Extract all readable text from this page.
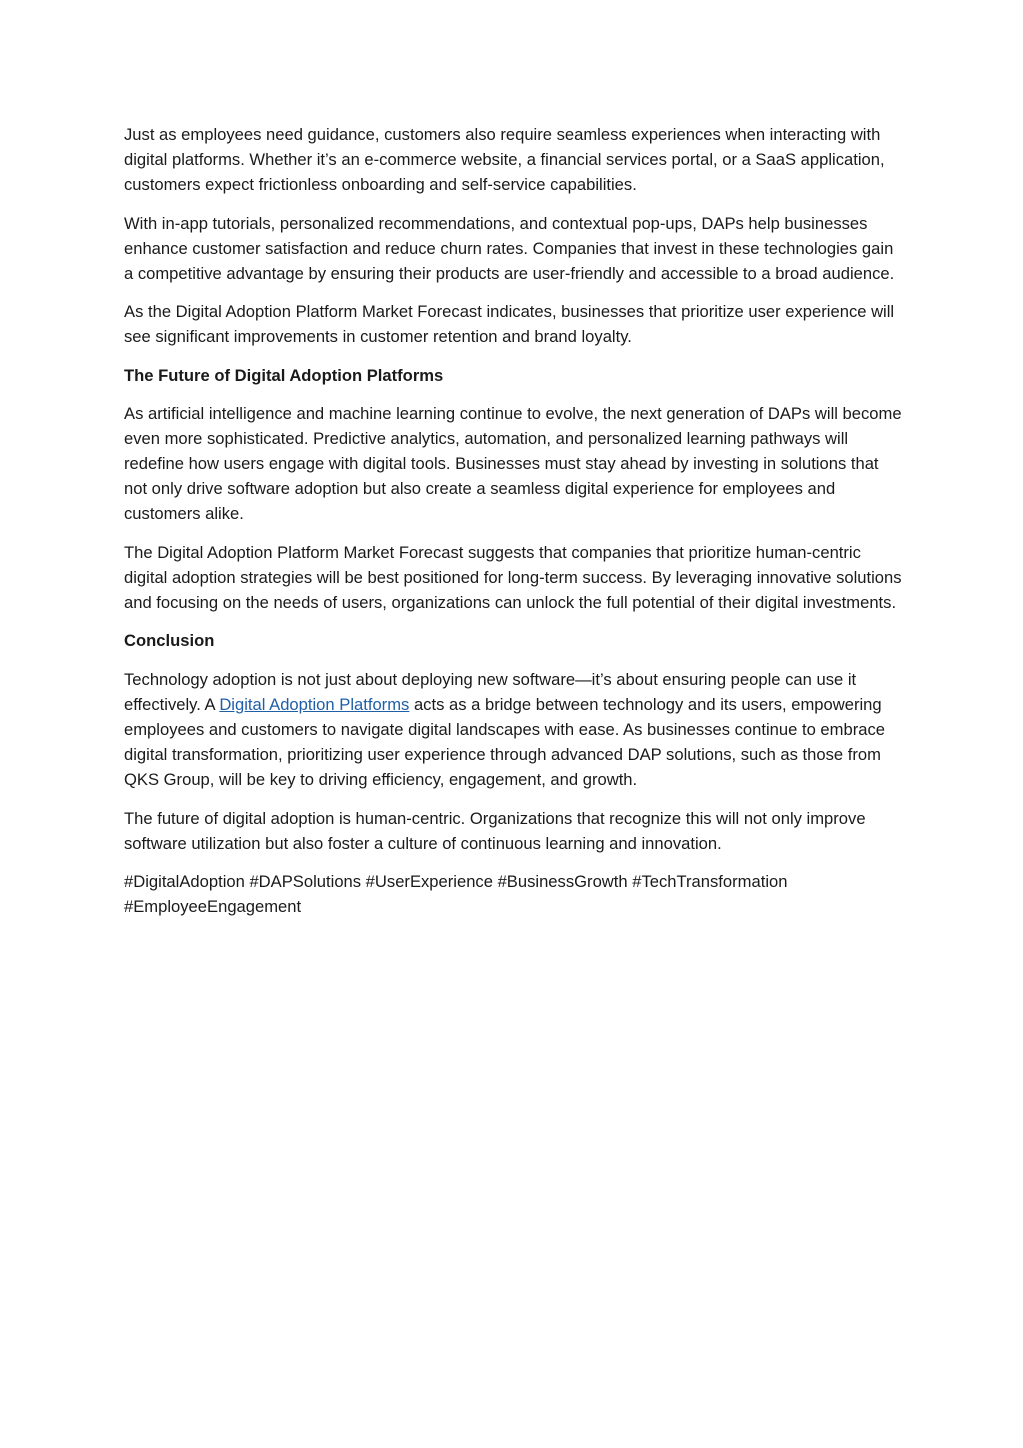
Just as employees need guidance, customers also require seamless experiences when interacting with digital platforms. Whether it’s an e-commerce website, a financial services portal, or a SaaS application, customers expect frictionless onboarding and self-service capabilities.

With in-app tutorials, personalized recommendations, and contextual pop-ups, DAPs help businesses enhance customer satisfaction and reduce churn rates. Companies that invest in these technologies gain a competitive advantage by ensuring their products are user-friendly and accessible to a broad audience.

As the Digital Adoption Platform Market Forecast indicates, businesses that prioritize user experience will see significant improvements in customer retention and brand loyalty.

The Future of Digital Adoption Platforms

As artificial intelligence and machine learning continue to evolve, the next generation of DAPs will become even more sophisticated. Predictive analytics, automation, and personalized learning pathways will redefine how users engage with digital tools. Businesses must stay ahead by investing in solutions that not only drive software adoption but also create a seamless digital experience for employees and customers alike.

The Digital Adoption Platform Market Forecast suggests that companies that prioritize human-centric digital adoption strategies will be best positioned for long-term success. By leveraging innovative solutions and focusing on the needs of users, organizations can unlock the full potential of their digital investments.

Conclusion

Technology adoption is not just about deploying new software—it’s about ensuring people can use it effectively. A Digital Adoption Platforms acts as a bridge between technology and its users, empowering employees and customers to navigate digital landscapes with ease. As businesses continue to embrace digital transformation, prioritizing user experience through advanced DAP solutions, such as those from QKS Group, will be key to driving efficiency, engagement, and growth.

The future of digital adoption is human-centric. Organizations that recognize this will not only improve software utilization but also foster a culture of continuous learning and innovation.

#DigitalAdoption #DAPSolutions #UserExperience #BusinessGrowth #TechTransformation #EmployeeEngagement
